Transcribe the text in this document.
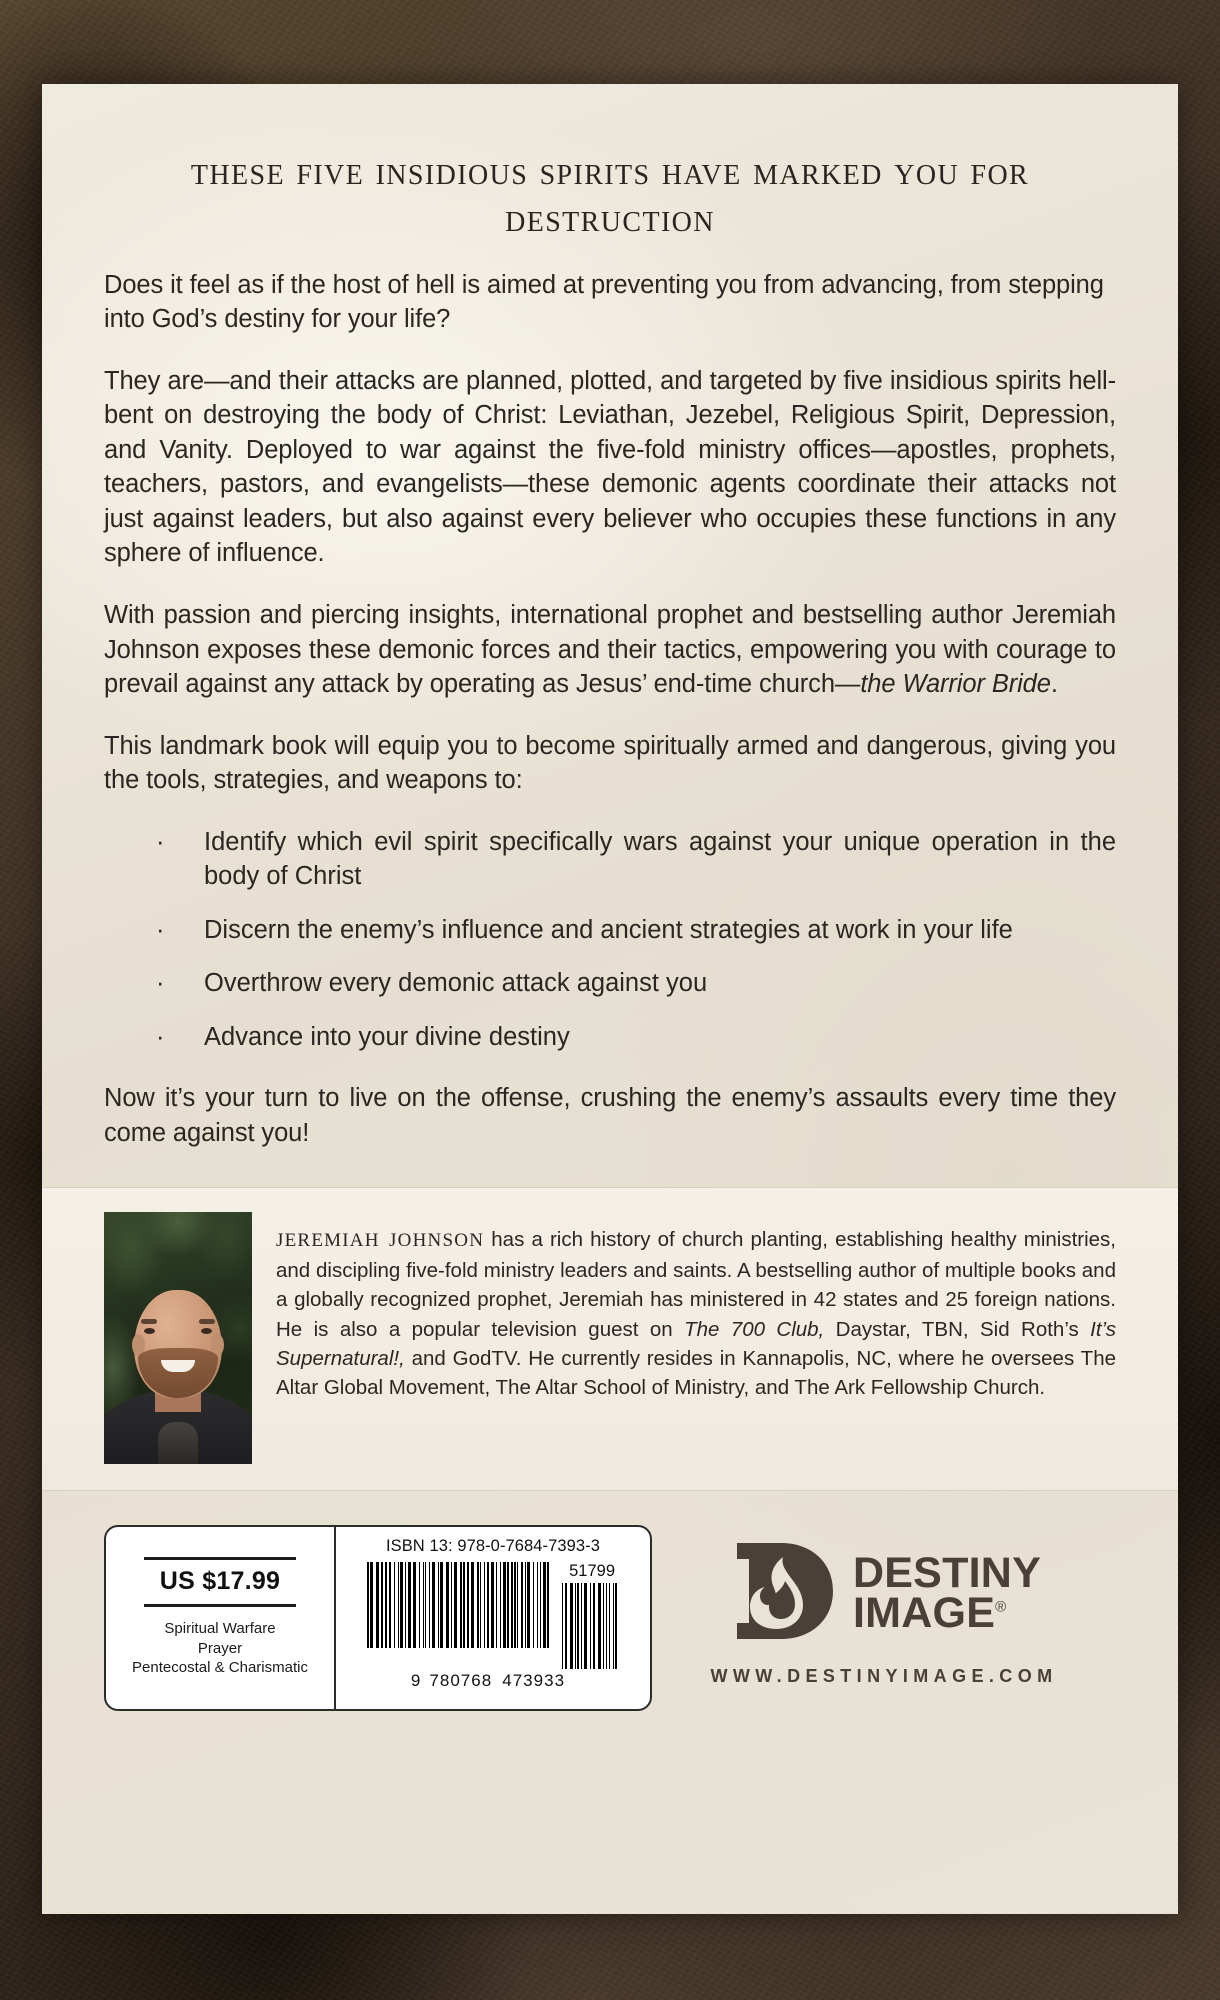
these five insidious spirits have marked you for destruction

Does it feel as if the host of hell is aimed at preventing you from advancing, from stepping into God’s destiny for your life?

They are—and their attacks are planned, plotted, and targeted by five insidious spirits hell-bent on destroying the body of Christ: Leviathan, Jezebel, Religious Spirit, Depression, and Vanity. Deployed to war against the five-fold ministry offices—apostles, prophets, teachers, pastors, and evangelists—these demonic agents coordinate their attacks not just against leaders, but also against every believer who occupies these functions in any sphere of influence.

With passion and piercing insights, international prophet and bestselling author Jeremiah Johnson exposes these demonic forces and their tactics, empowering you with courage to prevail against any attack by operating as Jesus’ end-time church—the Warrior Bride.

This landmark book will equip you to become spiritually armed and dangerous, giving you the tools, strategies, and weapons to:

· Identify which evil spirit specifically wars against your unique operation in the body of Christ
· Discern the enemy’s influence and ancient strategies at work in your life
· Overthrow every demonic attack against you
· Advance into your divine destiny

Now it’s your turn to live on the offense, crushing the enemy’s assaults every time they come against you!

jeremiah johnson has a rich history of church planting, establishing healthy ministries, and discipling five-fold ministry leaders and saints. A bestselling author of multiple books and a globally recognized prophet, Jeremiah has ministered in 42 states and 25 foreign nations. He is also a popular television guest on The 700 Club, Daystar, TBN, Sid Roth’s It’s Supernatural!, and GodTV. He currently resides in Kannapolis, NC, where he oversees The Altar Global Movement, The Altar School of Ministry, and The Ark Fellowship Church.
US $17.99
Spiritual Warfare
Prayer
Pentecostal & Charismatic
ISBN 13: 978-0-7684-7393-3
51799
9 780768 473933
DESTINY
IMAGE®
WWW.DESTINYIMAGE.COM
